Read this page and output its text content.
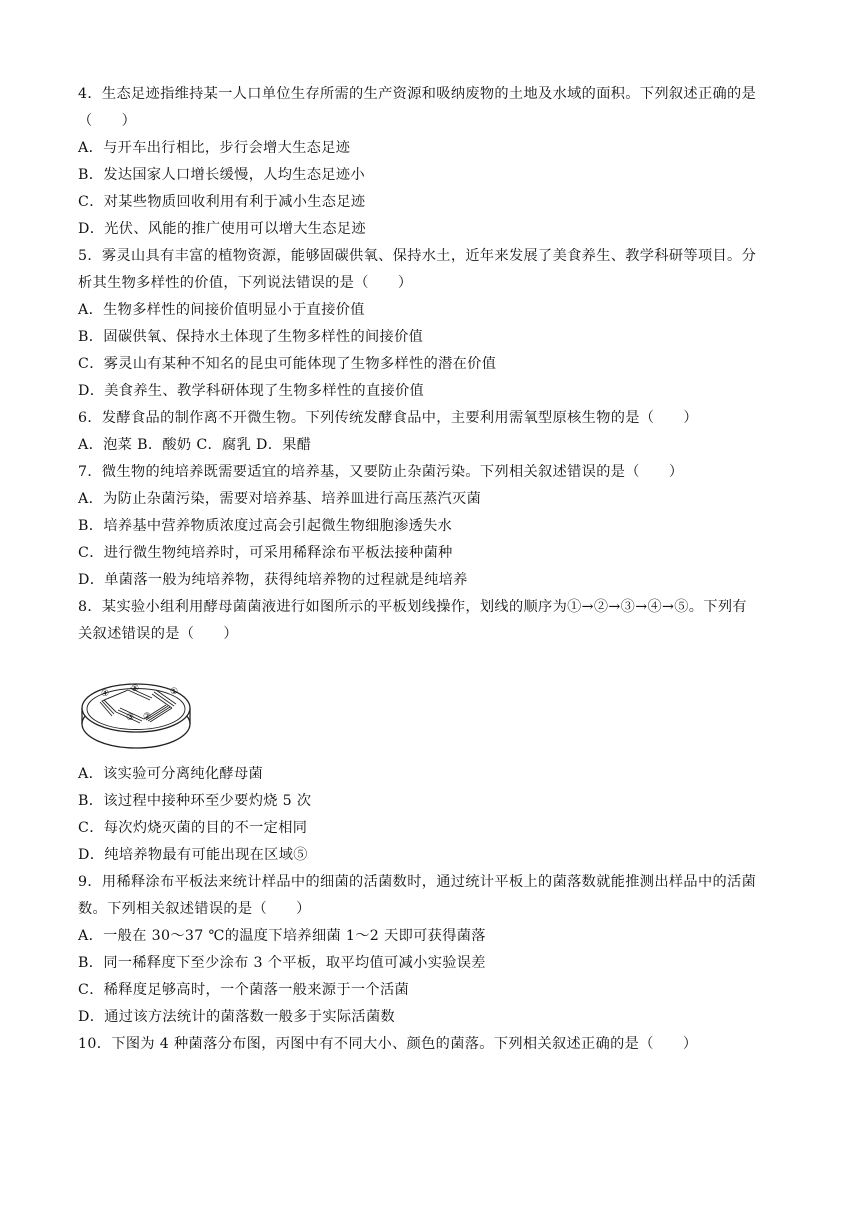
4．生态足迹指维持某一人口单位生存所需的生产资源和吸纳废物的土地及水域的面积。下列叙述正确的是
（　　）
A．与开车出行相比，步行会增大生态足迹
B．发达国家人口增长缓慢，人均生态足迹小
C．对某些物质回收利用有利于减小生态足迹
D．光伏、风能的推广使用可以增大生态足迹
5．雾灵山具有丰富的植物资源，能够固碳供氧、保持水土，近年来发展了美食养生、教学科研等项目。分
析其生物多样性的价值，下列说法错误的是（　　）
A．生物多样性的间接价值明显小于直接价值
B．固碳供氧、保持水土体现了生物多样性的间接价值
C．雾灵山有某种不知名的昆虫可能体现了生物多样性的潜在价值
D．美食养生、教学科研体现了生物多样性的直接价值
6．发酵食品的制作离不开微生物。下列传统发酵食品中，主要利用需氧型原核生物的是（　　）
A．泡菜 B．酸奶 C．腐乳 D．果醋
7．微生物的纯培养既需要适宜的培养基，又要防止杂菌污染。下列相关叙述错误的是（　　）
A．为防止杂菌污染，需要对培养基、培养皿进行高压蒸汽灭菌
B．培养基中营养物质浓度过高会引起微生物细胞渗透失水
C．进行微生物纯培养时，可采用稀释涂布平板法接种菌种
D．单菌落一般为纯培养物，获得纯培养物的过程就是纯培养
8．某实验小组利用酵母菌菌液进行如图所示的平板划线操作，划线的顺序为①→②→③→④→⑤。下列有
关叙述错误的是（　　）
①
②
③
④ ⑤
A．该实验可分离纯化酵母菌
B．该过程中接种环至少要灼烧 5 次
C．每次灼烧灭菌的目的不一定相同
D．纯培养物最有可能出现在区域⑤
9．用稀释涂布平板法来统计样品中的细菌的活菌数时，通过统计平板上的菌落数就能推测出样品中的活菌
数。下列相关叙述错误的是（　　）
A．一般在 30～37 ℃的温度下培养细菌 1～2 天即可获得菌落
B．同一稀释度下至少涂布 3 个平板，取平均值可减小实验误差
C．稀释度足够高时，一个菌落一般来源于一个活菌
D．通过该方法统计的菌落数一般多于实际活菌数
10．下图为 4 种菌落分布图，丙图中有不同大小、颜色的菌落。下列相关叙述正确的是（　　）
